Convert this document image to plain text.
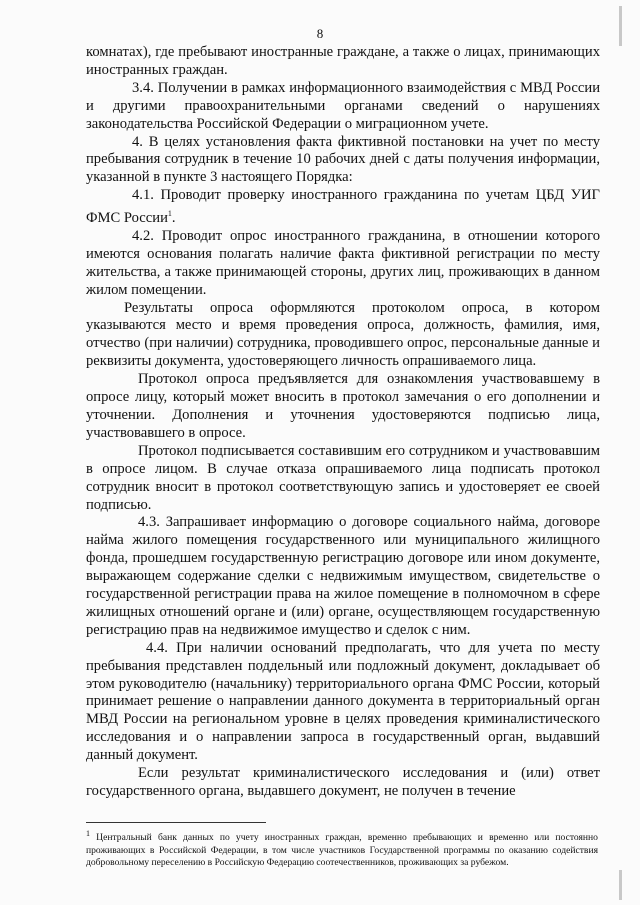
8

комнатах), где пребывают иностранные граждане, а также о лицах, принимающих иностранных граждан.

3.4. Получении в рамках информационного взаимодействия с МВД России и другими правоохранительными органами сведений о нарушениях законодательства Российской Федерации о миграционном учете.

4. В целях установления факта фиктивной постановки на учет по месту пребывания сотрудник в течение 10 рабочих дней с даты получения информации, указанной в пункте 3 настоящего Порядка:

4.1. Проводит проверку иностранного гражданина по учетам ЦБД УИГ ФМС России$^1$.

4.2. Проводит опрос иностранного гражданина, в отношении которого имеются основания полагать наличие факта фиктивной регистрации по месту жительства, а также принимающей стороны, других лиц, проживающих в данном жилом помещении.

Результаты опроса оформляются протоколом опроса, в котором указываются место и время проведения опроса, должность, фамилия, имя, отчество (при наличии) сотрудника, проводившего опрос, персональные данные и реквизиты документа, удостоверяющего личность опрашиваемого лица.

Протокол опроса предъявляется для ознакомления участвовавшему в опросе лицу, который может вносить в протокол замечания о его дополнении и уточнении. Дополнения и уточнения удостоверяются подписью лица, участвовавшего в опросе.

Протокол подписывается составившим его сотрудником и участвовавшим в опросе лицом. В случае отказа опрашиваемого лица подписать протокол сотрудник вносит в протокол соответствующую запись и удостоверяет ее своей подписью.

4.3. Запрашивает информацию о договоре социального найма, договоре найма жилого помещения государственного или муниципального жилищного фонда, прошедшем государственную регистрацию договоре или ином документе, выражающем содержание сделки с недвижимым имуществом, свидетельстве о государственной регистрации права на жилое помещение в полномочном в сфере жилищных отношений органе и (или) органе, осуществляющем государственную регистрацию прав на недвижимое имущество и сделок с ним.

4.4. При наличии оснований предполагать, что для учета по месту пребывания представлен поддельный или подложный документ, докладывает об этом руководителю (начальнику) территориального органа ФМС России, который принимает решение о направлении данного документа в территориальный орган МВД России на региональном уровне в целях проведения криминалистического исследования и о направлении запроса в государственный орган, выдавший данный документ.

Если результат криминалистического исследования и (или) ответ государственного органа, выдавшего документ, не получен в течение

$^1$ Центральный банк данных по учету иностранных граждан, временно пребывающих и временно или постоянно проживающих в Российской Федерации, в том числе участников Государственной программы по оказанию содействия добровольному переселению в Российскую Федерацию соотечественников, проживающих за рубежом.
